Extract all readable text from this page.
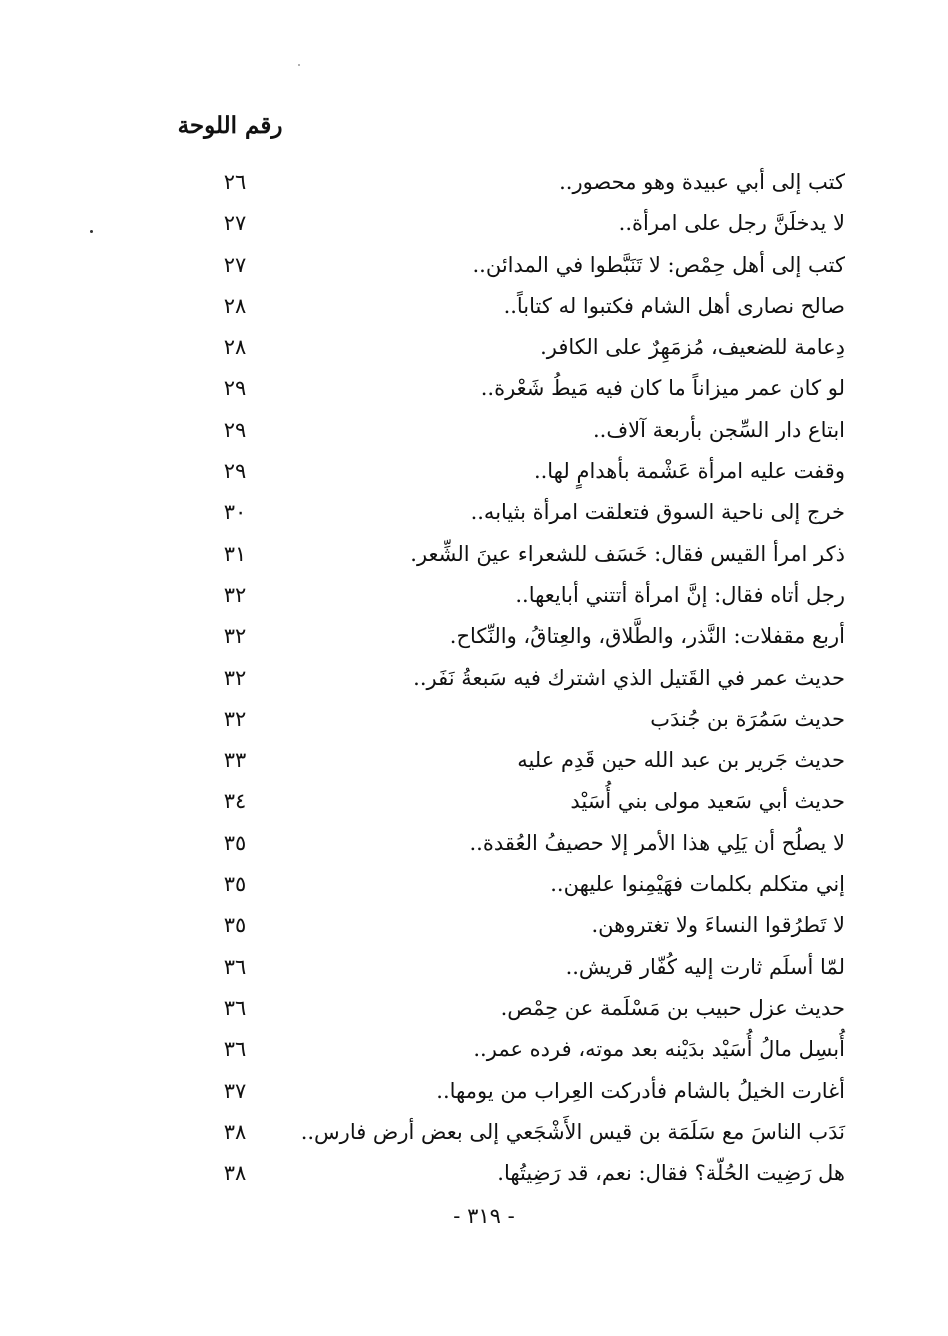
رقم اللوحة
كتب إلى أبي عبيدة وهو محصور..
٢٦
لا يدخلَنَّ رجل على امرأة..
٢٧
كتب إلى أهل حِمْص: لا تَنَبَّطوا في المدائن..
٢٧
صالح نصارى أهل الشام فكتبوا له كتاباً..
٢٨
دِعامة للضعيف، مُزمَهِرٌ على الكافر.
٢٨
لو كان عمر ميزاناً ما كان فيه مَيطُ شَعْرة..
٢٩
ابتاع دار السِّجن بأربعة آلاف..
٢٩
وقفت عليه امرأة عَشْمة بأهدامٍ لها..
٢٩
خرج إلى ناحية السوق فتعلقت امرأة بثيابه..
٣٠
ذكر امرأ القيس فقال: خَسَف للشعراء عينَ الشِّعر.
٣١
رجل أتاه فقال: إنَّ امرأة أتتني أبايعها..
٣٢
أربع مقفلات: النَّذر، والطَّلاق، والعِتاقُ، والنِّكاح.
٣٢
حديث عمر في القَتيل الذي اشترك فيه سَبعةُ نَفَر..
٣٢
حديث سَمُرَة بن جُندَب
٣٢
حديث جَرير بن عبد الله حين قَدِم عليه
٣٣
حديث أبي سَعيد مولى بني أُسَيْد
٣٤
لا يصلُح أن يَلِي هذا الأمر إلا حصيفُ العُقدة..
٣٥
إني متكلم بكلمات فهَيْمِنوا عليهن..
٣٥
لا تَطرُقوا النساءَ ولا تغتروهن.
٣٥
لمّا أسلَم ثارت إليه كُفّار قريش..
٣٦
حديث عزل حبيب بن مَسْلَمة عن حِمْص.
٣٦
أُبسِل مالُ أُسَيْد بدَيْنه بعد موته، فرده عمر..
٣٦
أغارت الخيلُ بالشام فأدركت العِراب من يومها..
٣٧
نَدَب الناسَ مع سَلَمَة بن قيس الأَشْجَعي إلى بعض أرض فارس..
٣٨
هل رَضِيت الحُلّة؟ فقال: نعم، قد رَضِيتُها.
٣٨
- ٣١٩ -
